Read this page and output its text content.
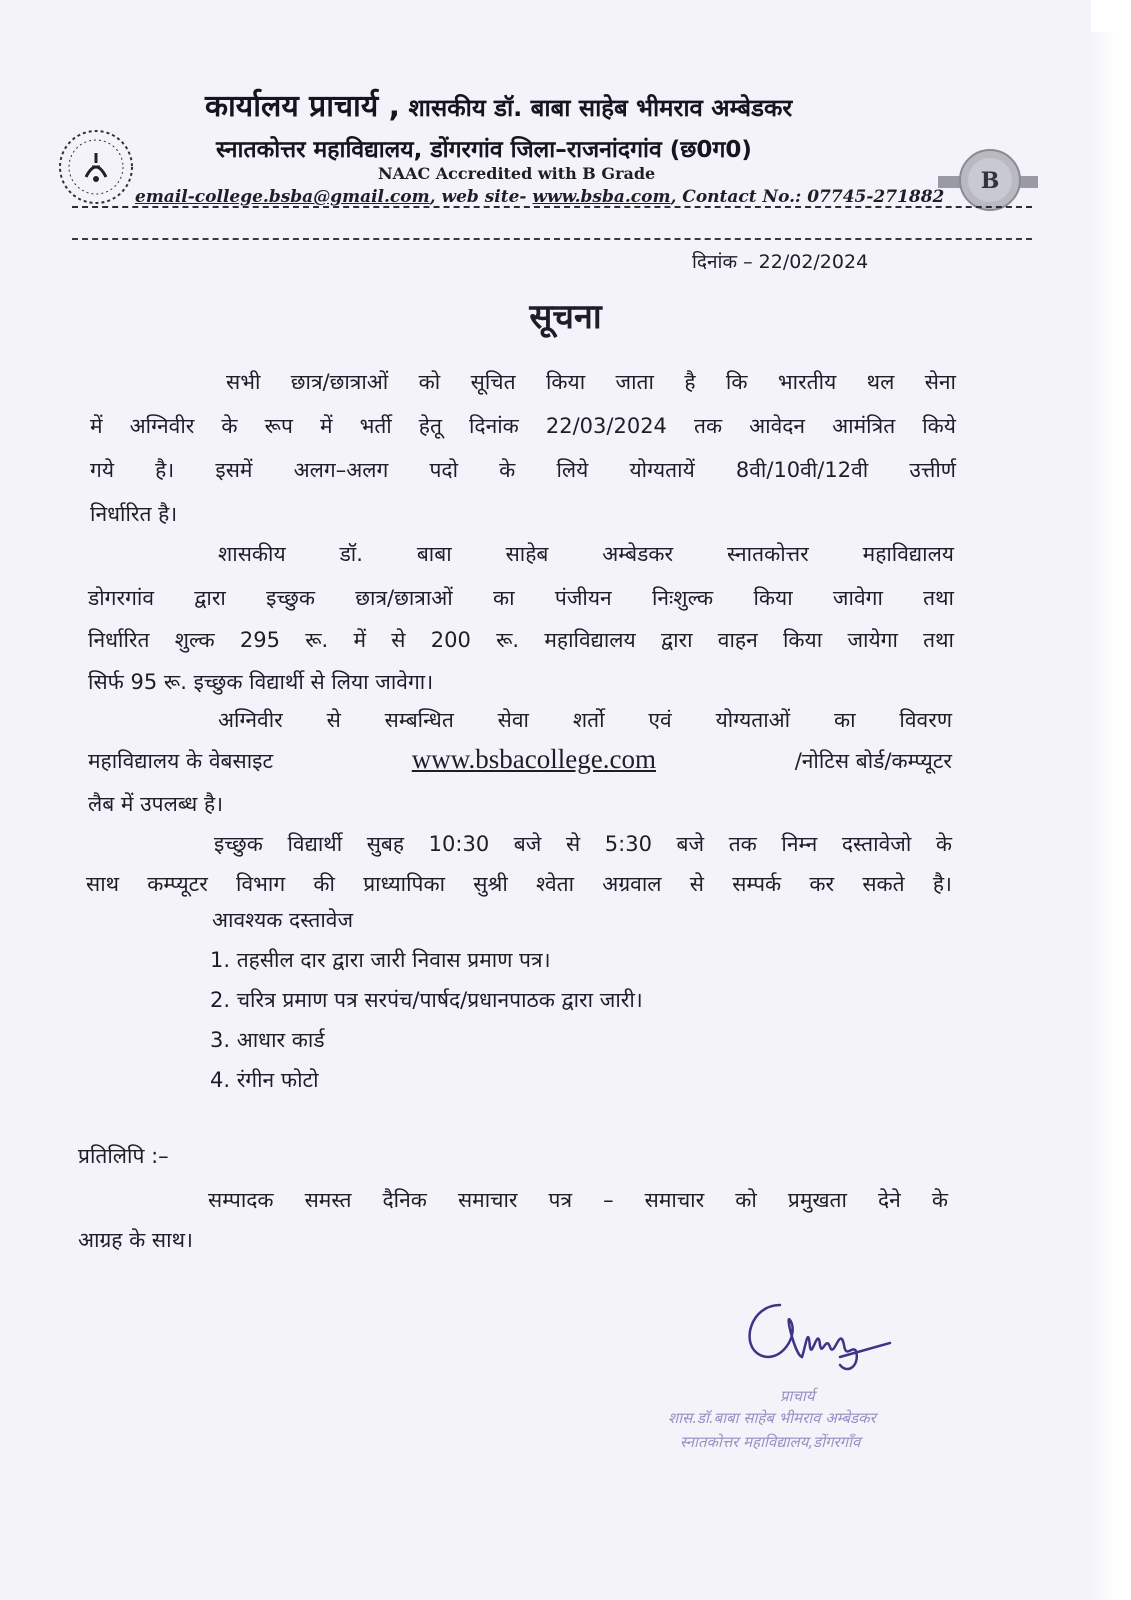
B
कार्यालय प्राचार्य , शासकीय डॉ. बाबा साहेब भीमराव अम्बेडकर
स्नातकोत्तर महाविद्यालय, डोंगरगांव जिला–राजनांदगांव (छ0ग0)
NAAC Accredited with B Grade
email-college.bsba@gmail.com, web site- www.bsba.com, Contact No.: 07745-271882
दिनांक – 22/02/2024
सूचना
सभी छात्र/छात्राओं को सूचित किया जाता है कि भारतीय थल सेना
में अग्निवीर के रूप में भर्ती हेतू दिनांक 22/03/2024 तक आवेदन आमंत्रित किये
गये है। इसमें अलग–अलग पदो के लिये योग्यतायें 8वी/10वी/12वी उत्तीर्ण
निर्धारित है।
शासकीय डॉ. बाबा साहेब अम्बेडकर स्नातकोत्तर महाविद्यालय
डोगरगांव द्वारा इच्छुक छात्र/छात्राओं का पंजीयन निःशुल्क किया जावेगा तथा
निर्धारित शुल्क 295 रू. में से 200 रू. महाविद्यालय द्वारा वाहन किया जायेगा तथा
सिर्फ 95 रू. इच्छुक विद्यार्थी से लिया जावेगा।
अग्निवीर से सम्बन्धित सेवा शर्तो एवं योग्यताओं का विवरण
महाविद्यालय के वेबसाइट	www.bsbacollege.com	/नोटिस बोर्ड/कम्प्यूटर
लैब में उपलब्ध है।
इच्छुक विद्यार्थी सुबह 10:30 बजे से 5:30 बजे तक निम्न दस्तावेजो के
साथ कम्प्यूटर विभाग की प्राध्यापिका सुश्री श्वेता अग्रवाल से सम्पर्क कर सकते है।
आवश्यक दस्तावेज
1. तहसील दार द्वारा जारी निवास प्रमाण पत्र।
2. चरित्र प्रमाण पत्र सरपंच/पार्षद/प्रधानपाठक द्वारा जारी।
3. आधार कार्ड
4. रंगीन फोटो
प्रतिलिपि :–
सम्पादक समस्त दैनिक समाचार पत्र – समाचार को प्रमुखता देने के
आग्रह के साथ।
प्राचार्य
शास.डॉ.बाबा साहेब भीमराव अम्बेडकर
स्नातकोत्तर महाविद्यालय,डोंगरगाँव
